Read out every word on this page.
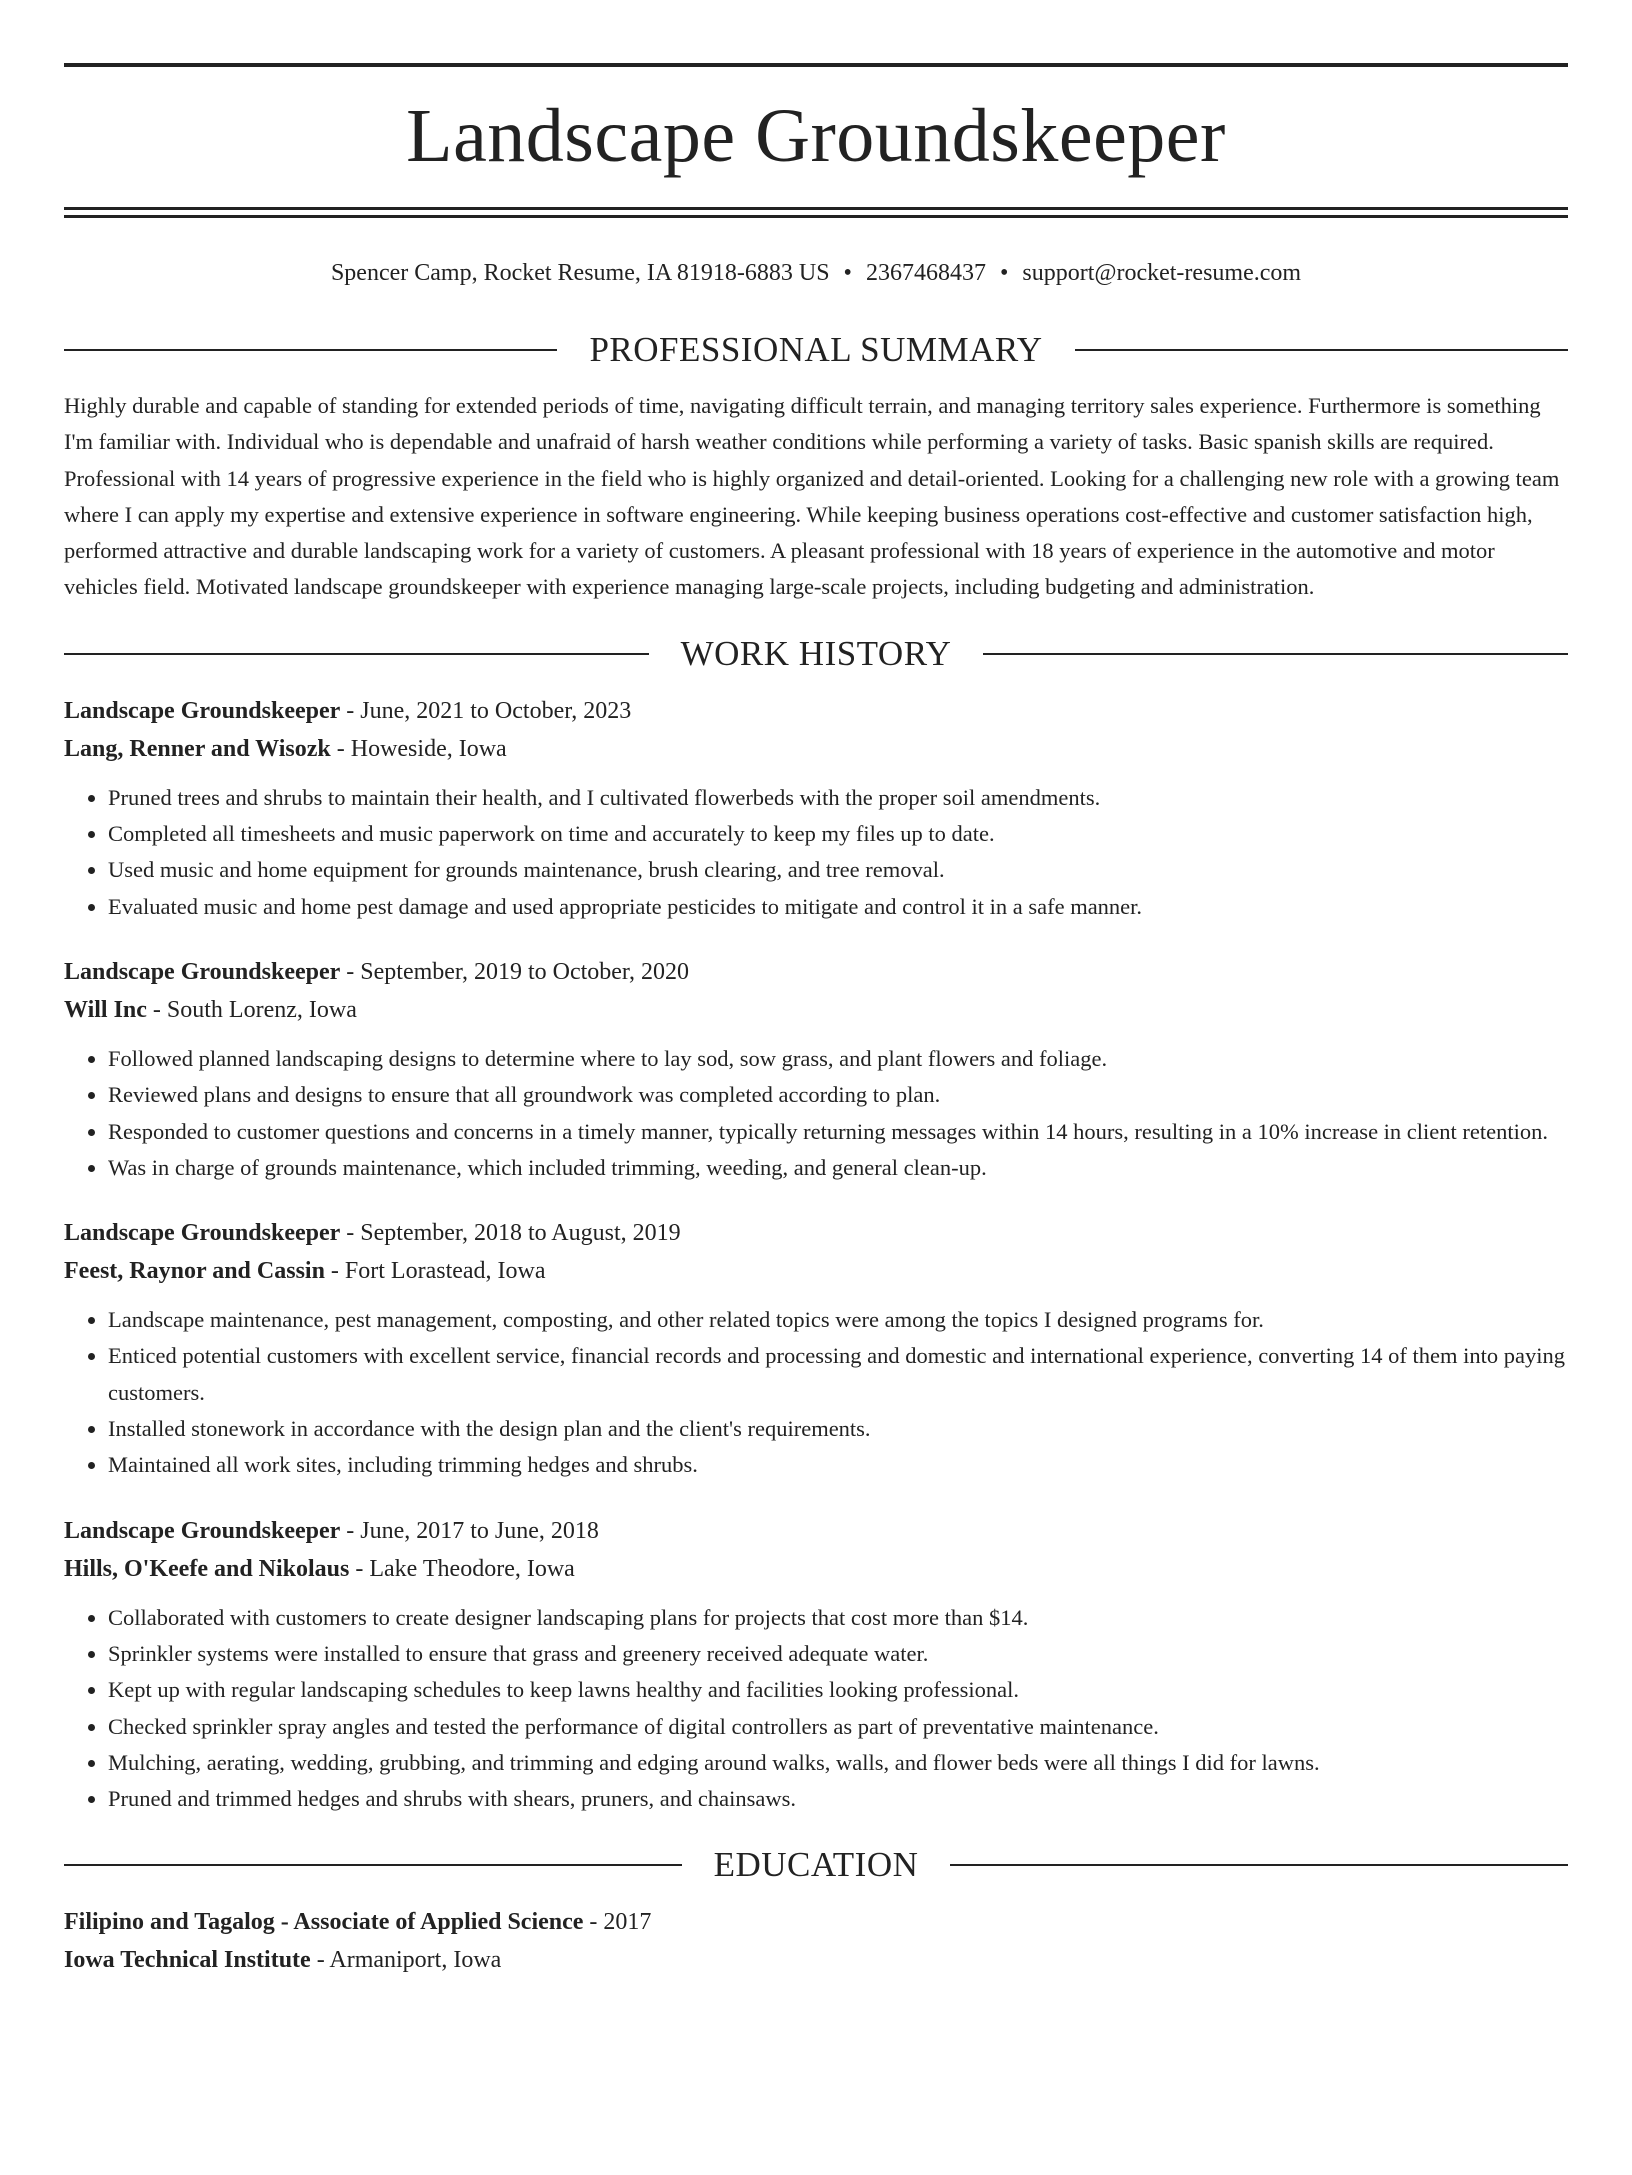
Landscape Groundskeeper
Spencer Camp, Rocket Resume, IA 81918-6883 US • 2367468437 • support@rocket-resume.com
PROFESSIONAL SUMMARY

Highly durable and capable of standing for extended periods of time, navigating difficult terrain, and managing territory sales experience. Furthermore is something I'm familiar with. Individual who is dependable and unafraid of harsh weather conditions while performing a variety of tasks. Basic spanish skills are required. Professional with 14 years of progressive experience in the field who is highly organized and detail-oriented. Looking for a challenging new role with a growing team where I can apply my expertise and extensive experience in software engineering. While keeping business operations cost-effective and customer satisfaction high, performed attractive and durable landscaping work for a variety of customers. A pleasant professional with 18 years of experience in the automotive and motor vehicles field. Motivated landscape groundskeeper with experience managing large-scale projects, including budgeting and administration.

WORK HISTORY
Landscape Groundskeeper - June, 2021 to October, 2023
Lang, Renner and Wisozk - Howeside, Iowa
• Pruned trees and shrubs to maintain their health, and I cultivated flowerbeds with the proper soil amendments.
• Completed all timesheets and music paperwork on time and accurately to keep my files up to date.
• Used music and home equipment for grounds maintenance, brush clearing, and tree removal.
• Evaluated music and home pest damage and used appropriate pesticides to mitigate and control it in a safe manner.
Landscape Groundskeeper - September, 2019 to October, 2020
Will Inc - South Lorenz, Iowa
• Followed planned landscaping designs to determine where to lay sod, sow grass, and plant flowers and foliage.
• Reviewed plans and designs to ensure that all groundwork was completed according to plan.
• Responded to customer questions and concerns in a timely manner, typically returning messages within 14 hours, resulting in a 10% increase in client retention.
• Was in charge of grounds maintenance, which included trimming, weeding, and general clean-up.
Landscape Groundskeeper - September, 2018 to August, 2019
Feest, Raynor and Cassin - Fort Lorastead, Iowa
• Landscape maintenance, pest management, composting, and other related topics were among the topics I designed programs for.
• Enticed potential customers with excellent service, financial records and processing and domestic and international experience, converting 14 of them into paying customers.
• Installed stonework in accordance with the design plan and the client's requirements.
• Maintained all work sites, including trimming hedges and shrubs.
Landscape Groundskeeper - June, 2017 to June, 2018
Hills, O'Keefe and Nikolaus - Lake Theodore, Iowa
• Collaborated with customers to create designer landscaping plans for projects that cost more than $14.
• Sprinkler systems were installed to ensure that grass and greenery received adequate water.
• Kept up with regular landscaping schedules to keep lawns healthy and facilities looking professional.
• Checked sprinkler spray angles and tested the performance of digital controllers as part of preventative maintenance.
• Mulching, aerating, wedding, grubbing, and trimming and edging around walks, walls, and flower beds were all things I did for lawns.
• Pruned and trimmed hedges and shrubs with shears, pruners, and chainsaws.
EDUCATION
Filipino and Tagalog - Associate of Applied Science - 2017
Iowa Technical Institute - Armaniport, Iowa
